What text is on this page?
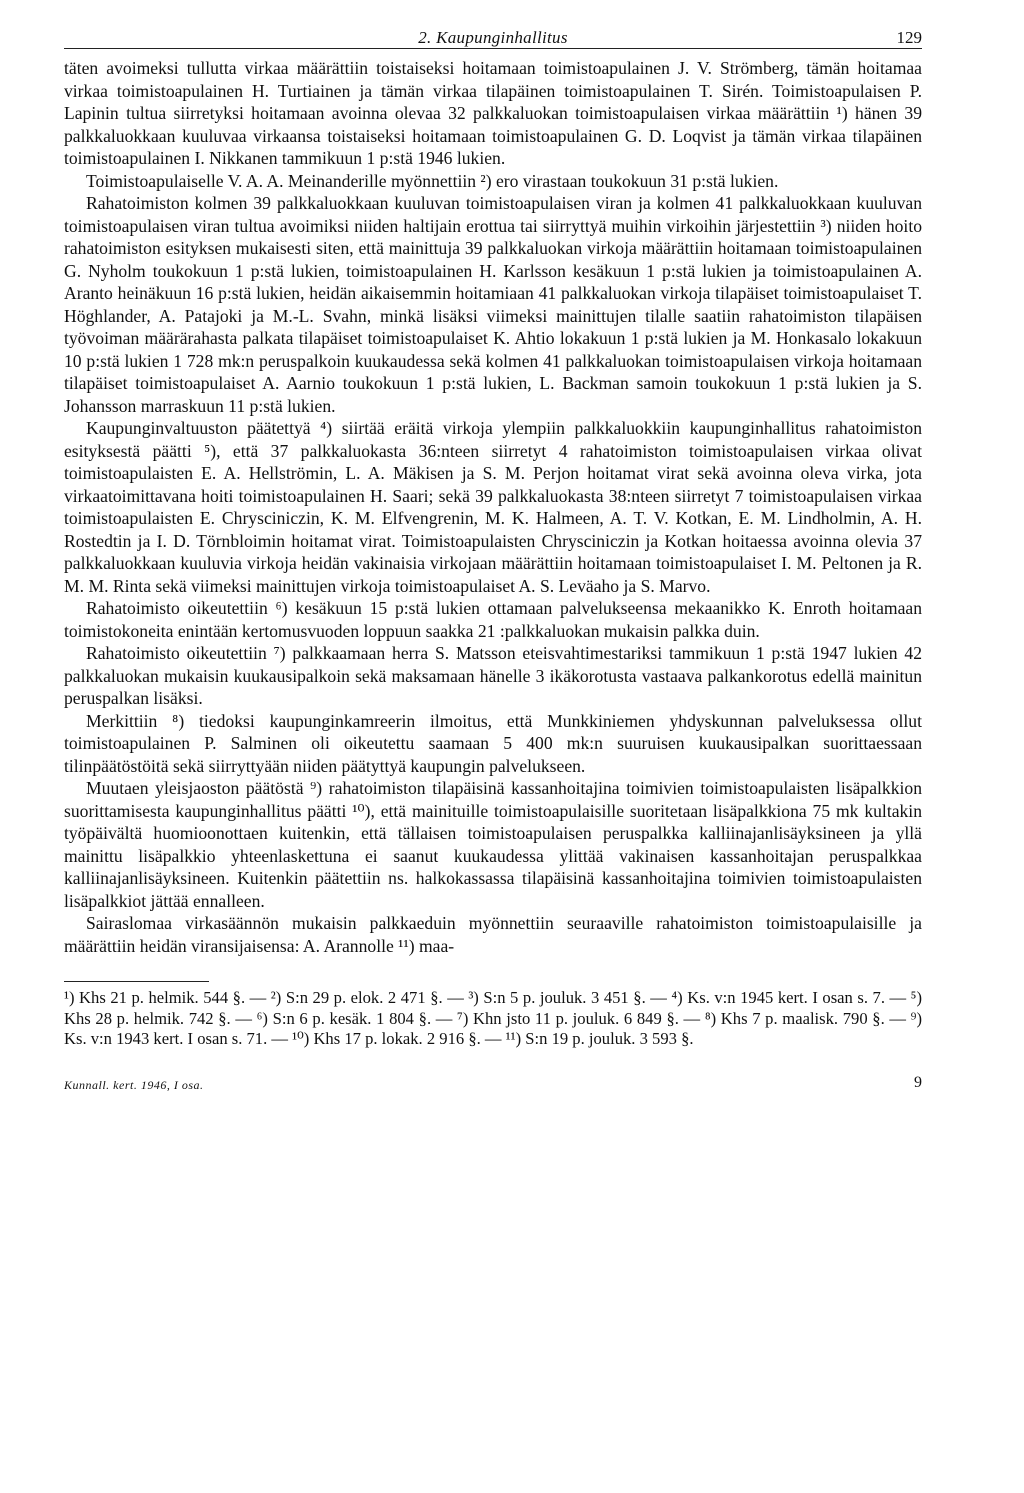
2. Kaupunginhallitus	129

täten avoimeksi tullutta virkaa määrättiin toistaiseksi hoitamaan toimistoapulainen J. V. Strömberg, tämän hoitamaa virkaa toimistoapulainen H. Turtiainen ja tämän virkaa tilapäinen toimistoapulainen T. Sirén. Toimistoapulaisen P. Lapinin tultua siirretyksi hoitamaan avoinna olevaa 32 palkkaluokan toimistoapulaisen virkaa määrättiin ¹) hänen 39 palkkaluokkaan kuuluvaa virkaansa toistaiseksi hoitamaan toimistoapulainen G. D. Loqvist ja tämän virkaa tilapäinen toimistoapulainen I. Nikkanen tammikuun 1 p:stä 1946 lukien.

Toimistoapulaiselle V. A. A. Meinanderille myönnettiin ²) ero virastaan toukokuun 31 p:stä lukien.

Rahatoimiston kolmen 39 palkkaluokkaan kuuluvan toimistoapulaisen viran ja kolmen 41 palkkaluokkaan kuuluvan toimistoapulaisen viran tultua avoimiksi niiden haltijain erottua tai siirryttyä muihin virkoihin järjestettiin ³) niiden hoito rahatoimiston esityksen mukaisesti siten, että mainittuja 39 palkkaluokan virkoja määrättiin hoitamaan toimistoapulainen G. Nyholm toukokuun 1 p:stä lukien, toimistoapulainen H. Karlsson kesäkuun 1 p:stä lukien ja toimistoapulainen A. Aranto heinäkuun 16 p:stä lukien, heidän aikaisemmin hoitamiaan 41 palkkaluokan virkoja tilapäiset toimistoapulaiset T. Höghlander, A. Patajoki ja M.-L. Svahn, minkä lisäksi viimeksi mainittujen tilalle saatiin rahatoimiston tilapäisen työvoiman määrärahasta palkata tilapäiset toimistoapulaiset K. Ahtio lokakuun 1 p:stä lukien ja M. Honkasalo lokakuun 10 p:stä lukien 1 728 mk:n peruspalkoin kuukaudessa sekä kolmen 41 palkkaluokan toimistoapulaisen virkoja hoitamaan tilapäiset toimistoapulaiset A. Aarnio toukokuun 1 p:stä lukien, L. Backman samoin toukokuun 1 p:stä lukien ja S. Johansson marraskuun 11 p:stä lukien.

Kaupunginvaltuuston päätettyä ⁴) siirtää eräitä virkoja ylempiin palkkaluokkiin kaupunginhallitus rahatoimiston esityksestä päätti ⁵), että 37 palkkaluokasta 36:nteen siirretyt 4 rahatoimiston toimistoapulaisen virkaa olivat toimistoapulaisten E. A. Hellströmin, L. A. Mäkisen ja S. M. Perjon hoitamat virat sekä avoinna oleva virka, jota virkaatoimittavana hoiti toimistoapulainen H. Saari; sekä 39 palkkaluokasta 38:nteen siirretyt 7 toimistoapulaisen virkaa toimistoapulaisten E. Chrysciniczin, K. M. Elfvengrenin, M. K. Halmeen, A. T. V. Kotkan, E. M. Lindholmin, A. H. Rostedtin ja I. D. Törnbloimin hoitamat virat. Toimistoapulaisten Chrysciniczin ja Kotkan hoitaessa avoinna olevia 37 palkkaluokkaan kuuluvia virkoja heidän vakinaisia virkojaan määrättiin hoitamaan toimistoapulaiset I. M. Peltonen ja R. M. M. Rinta sekä viimeksi mainittujen virkoja toimistoapulaiset A. S. Leväaho ja S. Marvo.

Rahatoimisto oikeutettiin ⁶) kesäkuun 15 p:stä lukien ottamaan palvelukseensa mekaanikko K. Enroth hoitamaan toimistokoneita enintään kertomusvuoden loppuun saakka 21 :palkkaluokan mukaisin palkka duin.

Rahatoimisto oikeutettiin ⁷) palkkaamaan herra S. Matsson eteisvahtimestariksi tammikuun 1 p:stä 1947 lukien 42 palkkaluokan mukaisin kuukausipalkoin sekä maksamaan hänelle 3 ikäkorotusta vastaava palkankorotus edellä mainitun peruspalkan lisäksi.

Merkittiin ⁸) tiedoksi kaupunginkamreerin ilmoitus, että Munkkiniemen yhdyskunnan palveluksessa ollut toimistoapulainen P. Salminen oli oikeutettu saamaan 5 400 mk:n suuruisen kuukausipalkan suorittaessaan tilinpäätöstöitä sekä siirryttyään niiden päätyttyä kaupungin palvelukseen.

Muutaen yleisjaoston päätöstä ⁹) rahatoimiston tilapäisinä kassanhoitajina toimivien toimistoapulaisten lisäpalkkion suorittamisesta kaupunginhallitus päätti ¹⁰), että mainituille toimistoapulaisille suoritetaan lisäpalkkiona 75 mk kultakin työpäivältä huomioonottaen kuitenkin, että tällaisen toimistoapulaisen peruspalkka kalliinajanlisäyksineen ja yllä mainittu lisäpalkkio yhteenlaskettuna ei saanut kuukaudessa ylittää vakinaisen kassanhoitajan peruspalkkaa kalliinajanlisäyksineen. Kuitenkin päätettiin ns. halkokassassa tilapäisinä kassanhoitajina toimivien toimistoapulaisten lisäpalkkiot jättää ennalleen.

Sairaslomaa virkasäännön mukaisin palkkaeduin myönnettiin seuraaville rahatoimiston toimistoapulaisille ja määrättiin heidän viransijaisensa: A. Arannolle ¹¹) maa-

¹) Khs 21 p. helmik. 544 §. — ²) S:n 29 p. elok. 2 471 §. — ³) S:n 5 p. jouluk. 3 451 §. — ⁴) Ks. v:n 1945 kert. I osan s. 7. — ⁵) Khs 28 p. helmik. 742 §. — ⁶) S:n 6 p. kesäk. 1 804 §. — ⁷) Khn jsto 11 p. jouluk. 6 849 §. — ⁸) Khs 7 p. maalisk. 790 §. — ⁹) Ks. v:n 1943 kert. I osan s. 71. — ¹⁰) Khs 17 p. lokak. 2 916 §. — ¹¹) S:n 19 p. jouluk. 3 593 §.

Kunnall. kert. 1946, I osa.	9
